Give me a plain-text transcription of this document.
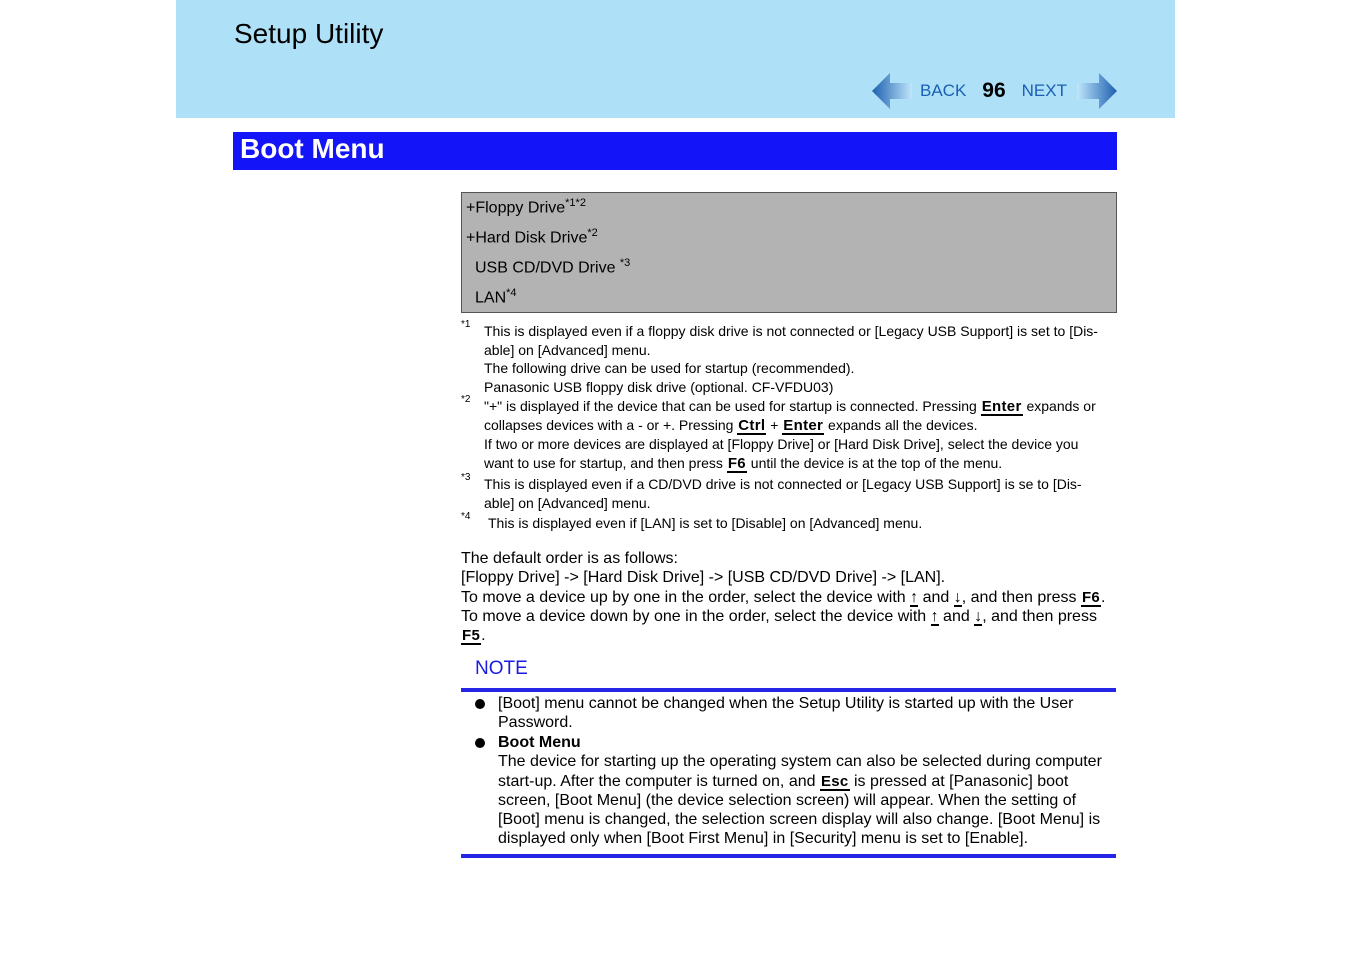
Setup Utility
BACK 96 NEXT
Boot Menu
+Floppy Drive$^{*1*2}$
+Hard Disk Drive$^{*2}$
USB CD/DVD Drive $^{*3}$
LAN$^{*4}$
*1 This is displayed even if a floppy disk drive is not connected or [Legacy USB Support] is set to [Dis-
able] on [Advanced] menu.
The following drive can be used for startup (recommended).
Panasonic USB floppy disk drive (optional. CF-VFDU03)
*2 "+" is displayed if the device that can be used for startup is connected. Pressing Enter expands or
collapses devices with a - or +. Pressing Ctrl + Enter expands all the devices.
If two or more devices are displayed at [Floppy Drive] or [Hard Disk Drive], select the device you
want to use for startup, and then press F6 until the device is at the top of the menu.
*3 This is displayed even if a CD/DVD drive is not connected or [Legacy USB Support] is se to [Dis-
able] on [Advanced] menu.
*4 This is displayed even if [LAN] is set to [Disable] on [Advanced] menu.
The default order is as follows:
[Floppy Drive] -> [Hard Disk Drive] -> [USB CD/DVD Drive] -> [LAN].
To move a device up by one in the order, select the device with ↑ and ↓, and then press F6.
To move a device down by one in the order, select the device with ↑ and ↓, and then press
F5.
NOTE
[Boot] menu cannot be changed when the Setup Utility is started up with the User
Password.
Boot Menu
The device for starting up the operating system can also be selected during computer
start-up. After the computer is turned on, and Esc is pressed at [Panasonic] boot
screen, [Boot Menu] (the device selection screen) will appear. When the setting of
[Boot] menu is changed, the selection screen display will also change. [Boot Menu] is
displayed only when [Boot First Menu] in [Security] menu is set to [Enable].
